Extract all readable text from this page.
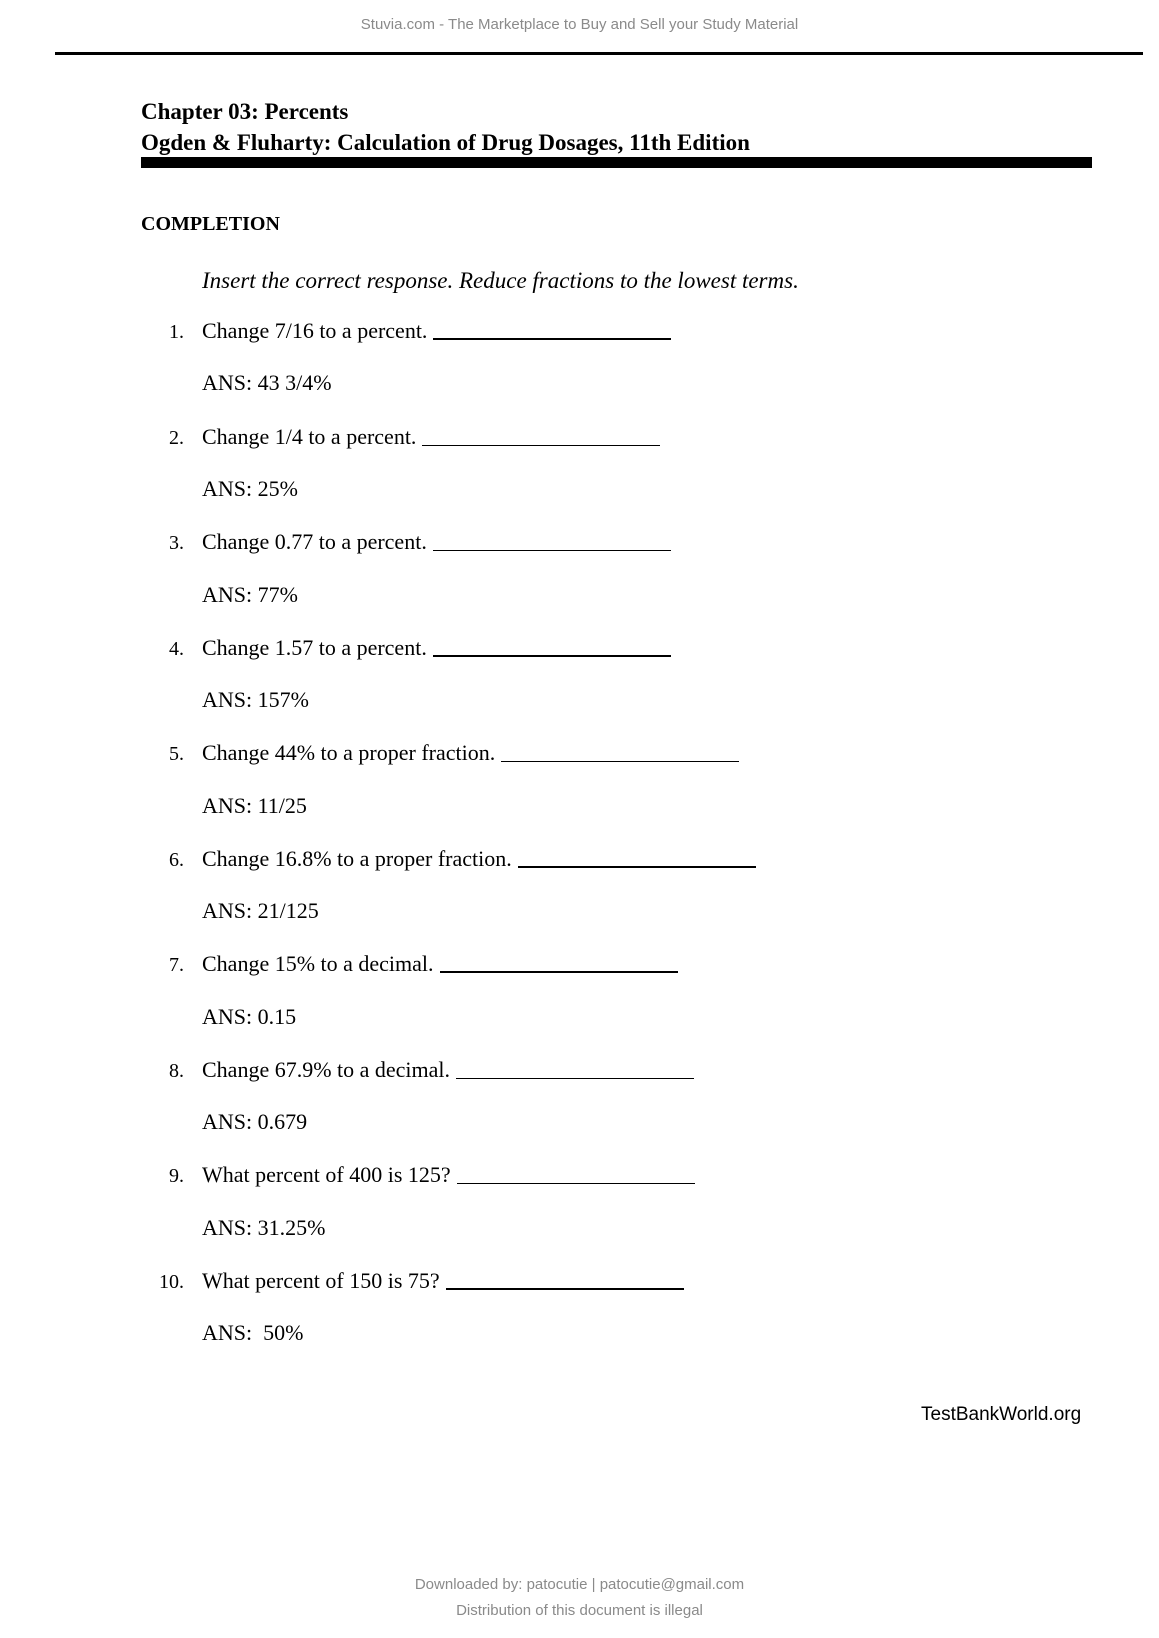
Stuvia.com - The Marketplace to Buy and Sell your Study Material
Chapter 03: Percents
Ogden & Fluharty: Calculation of Drug Dosages, 11th Edition
COMPLETION
Insert the correct response. Reduce fractions to the lowest terms.
1. Change 7/16 to a percent.
ANS: 43 3/4%
2. Change 1/4 to a percent.
ANS: 25%
3. Change 0.77 to a percent.
ANS: 77%
4. Change 1.57 to a percent.
ANS: 157%
5. Change 44% to a proper fraction.
ANS: 11/25
6. Change 16.8% to a proper fraction.
ANS: 21/125
7. Change 15% to a decimal.
ANS: 0.15
8. Change 67.9% to a decimal.
ANS: 0.679
9. What percent of 400 is 125?
ANS: 31.25%
10. What percent of 150 is 75?
ANS:  50%
TestBankWorld.org
Downloaded by: patocutie | patocutie@gmail.com
Distribution of this document is illegal
